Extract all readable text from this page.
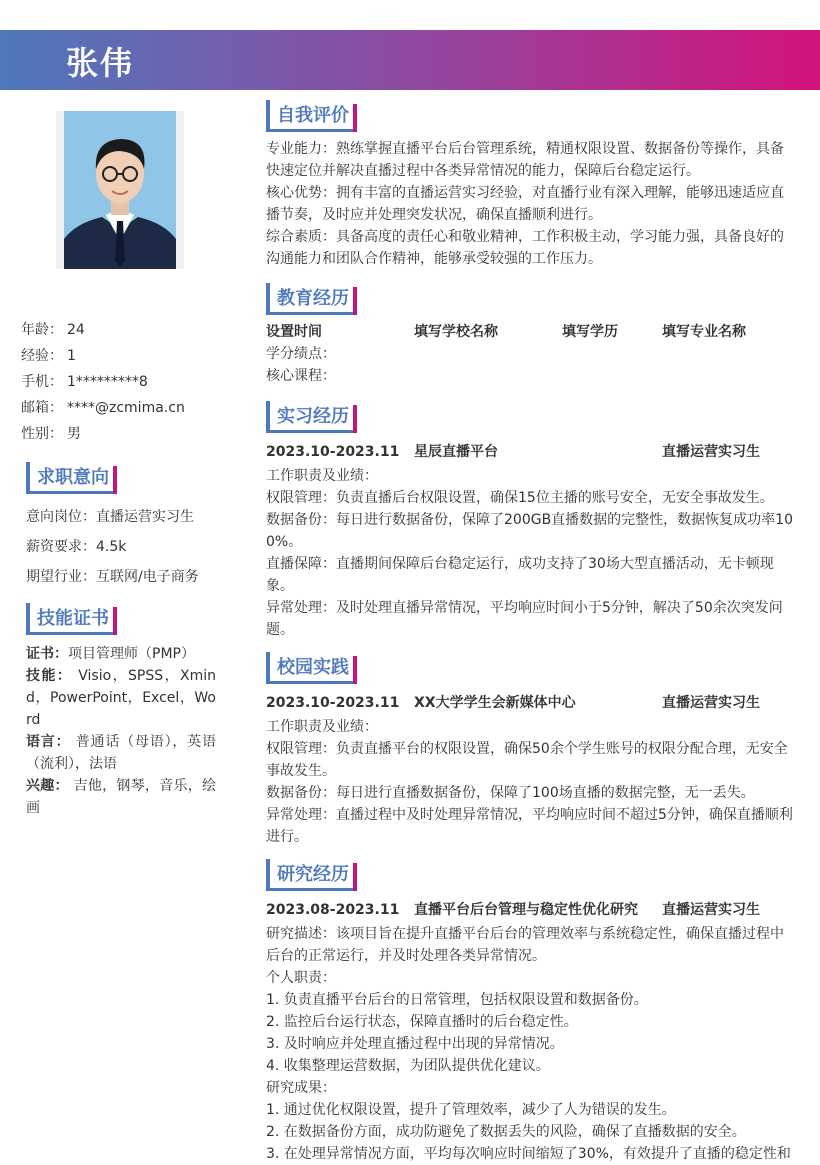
张伟
年龄： 24
经验： 1
手机： 1*********8
邮箱： ****@zcmima.cn
性别： 男
求职意向
意向岗位：直播运营实习生
薪资要求：4.5k
期望行业：互联网/电子商务
技能证书

证书：项目管理师（PMP）

技能： Visio，SPSS，Xmind，PowerPoint，Excel，Word

语言： 普通话（母语），英语（流利），法语

兴趣： 吉他，钢琴，音乐，绘画

自我评价

专业能力：熟练掌握直播平台后台管理系统，精通权限设置、数据备份等操作，具备快速定位并解决直播过程中各类异常情况的能力，保障后台稳定运行。

核心优势：拥有丰富的直播运营实习经验，对直播行业有深入理解，能够迅速适应直播节奏，及时应并处理突发状况，确保直播顺利进行。

综合素质：具备高度的责任心和敬业精神，工作积极主动，学习能力强，具备良好的沟通能力和团队合作精神，能够承受较强的工作压力。

教育经历
设置时间	填写学校名称	填写学历	填写专业名称

学分绩点：

核心课程：

实习经历
2023.10-2023.11	星辰直播平台	直播运营实习生

工作职责及业绩：

权限管理：负责直播后台权限设置，确保15位主播的账号安全，无安全事故发生。

数据备份：每日进行数据备份，保障了200GB直播数据的完整性，数据恢复成功率100%。

直播保障：直播期间保障后台稳定运行，成功支持了30场大型直播活动，无卡顿现象。

异常处理：及时处理直播异常情况，平均响应时间小于5分钟，解决了50余次突发问题。

校园实践
2023.10-2023.11	XX大学学生会新媒体中心	直播运营实习生

工作职责及业绩：

权限管理：负责直播平台的权限设置，确保50余个学生账号的权限分配合理，无安全事故发生。

数据备份：每日进行直播数据备份，保障了100场直播的数据完整，无一丢失。

异常处理：直播过程中及时处理异常情况，平均响应时间不超过5分钟，确保直播顺利进行。

研究经历
2023.08-2023.11	直播平台后台管理与稳定性优化研究	直播运营实习生

研究描述：该项目旨在提升直播平台后台的管理效率与系统稳定性，确保直播过程中后台的正常运行，并及时处理各类异常情况。

个人职责：

1. 负责直播平台后台的日常管理，包括权限设置和数据备份。

2. 监控后台运行状态，保障直播时的后台稳定性。

3. 及时响应并处理直播过程中出现的异常情况。

4. 收集整理运营数据，为团队提供优化建议。

研究成果：

1. 通过优化权限设置，提升了管理效率，减少了人为错误的发生。

2. 在数据备份方面，成功防避免了数据丢失的风险，确保了直播数据的安全。

3. 在处理异常情况方面，平均每次响应时间缩短了30%，有效提升了直播的稳定性和
